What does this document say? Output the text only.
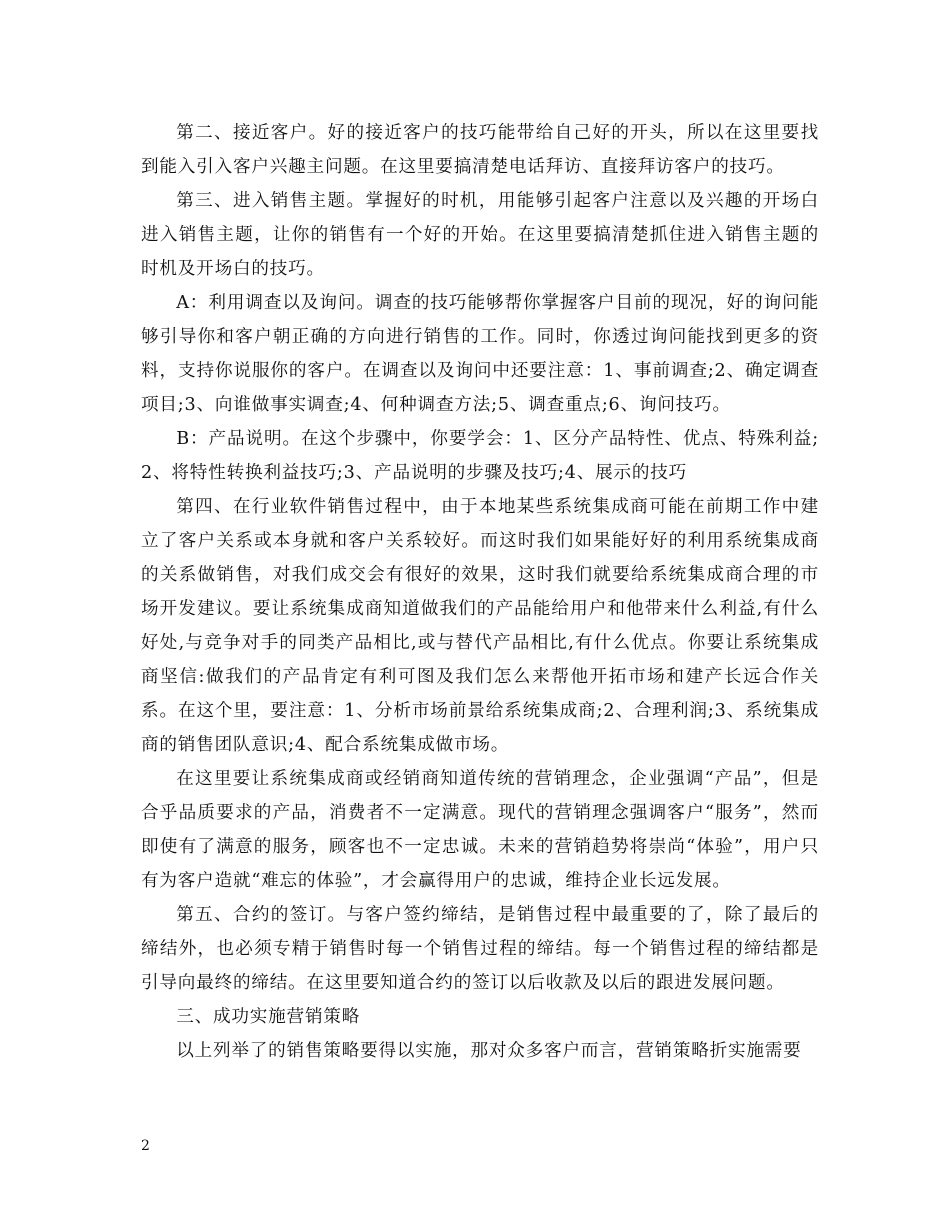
第二、接近客户。好的接近客户的技巧能带给自己好的开头，所以在这里要找到能入引入客户兴趣主问题。在这里要搞清楚电话拜访、直接拜访客户的技巧。

第三、进入销售主题。掌握好的时机，用能够引起客户注意以及兴趣的开场白进入销售主题，让你的销售有一个好的开始。在这里要搞清楚抓住进入销售主题的时机及开场白的技巧。

A：利用调查以及询问。调查的技巧能够帮你掌握客户目前的现况，好的询问能够引导你和客户朝正确的方向进行销售的工作。同时，你透过询问能找到更多的资料，支持你说服你的客户。在调查以及询问中还要注意：1、事前调查;2、确定调查项目;3、向谁做事实调查;4、何种调查方法;5、调查重点;6、询问技巧。

B：产品说明。在这个步骤中，你要学会：1、区分产品特性、优点、特殊利益;2、将特性转换利益技巧;3、产品说明的步骤及技巧;4、展示的技巧

第四、在行业软件销售过程中，由于本地某些系统集成商可能在前期工作中建立了客户关系或本身就和客户关系较好。而这时我们如果能好好的利用系统集成商的关系做销售，对我们成交会有很好的效果，这时我们就要给系统集成商合理的市场开发建议。要让系统集成商知道做我们的产品能给用户和他带来什么利益,有什么好处,与竞争对手的同类产品相比,或与替代产品相比,有什么优点。你要让系统集成商坚信:做我们的产品肯定有利可图及我们怎么来帮他开拓市场和建产长远合作关系。在这个里，要注意：1、分析市场前景给系统集成商;2、合理利润;3、系统集成商的销售团队意识;4、配合系统集成做市场。

在这里要让系统集成商或经销商知道传统的营销理念，企业强调“产品”，但是合乎品质要求的产品，消费者不一定满意。现代的营销理念强调客户“服务”，然而即使有了满意的服务，顾客也不一定忠诚。未来的营销趋势将崇尚“体验”，用户只有为客户造就“难忘的体验”，才会赢得用户的忠诚，维持企业长远发展。

第五、合约的签订。与客户签约缔结，是销售过程中最重要的了，除了最后的缔结外，也必须专精于销售时每一个销售过程的缔结。每一个销售过程的缔结都是引导向最终的缔结。在这里要知道合约的签订以后收款及以后的跟进发展问题。

三、成功实施营销策略

以上列举了的销售策略要得以实施，那对众多客户而言，营销策略折实施需要

2
